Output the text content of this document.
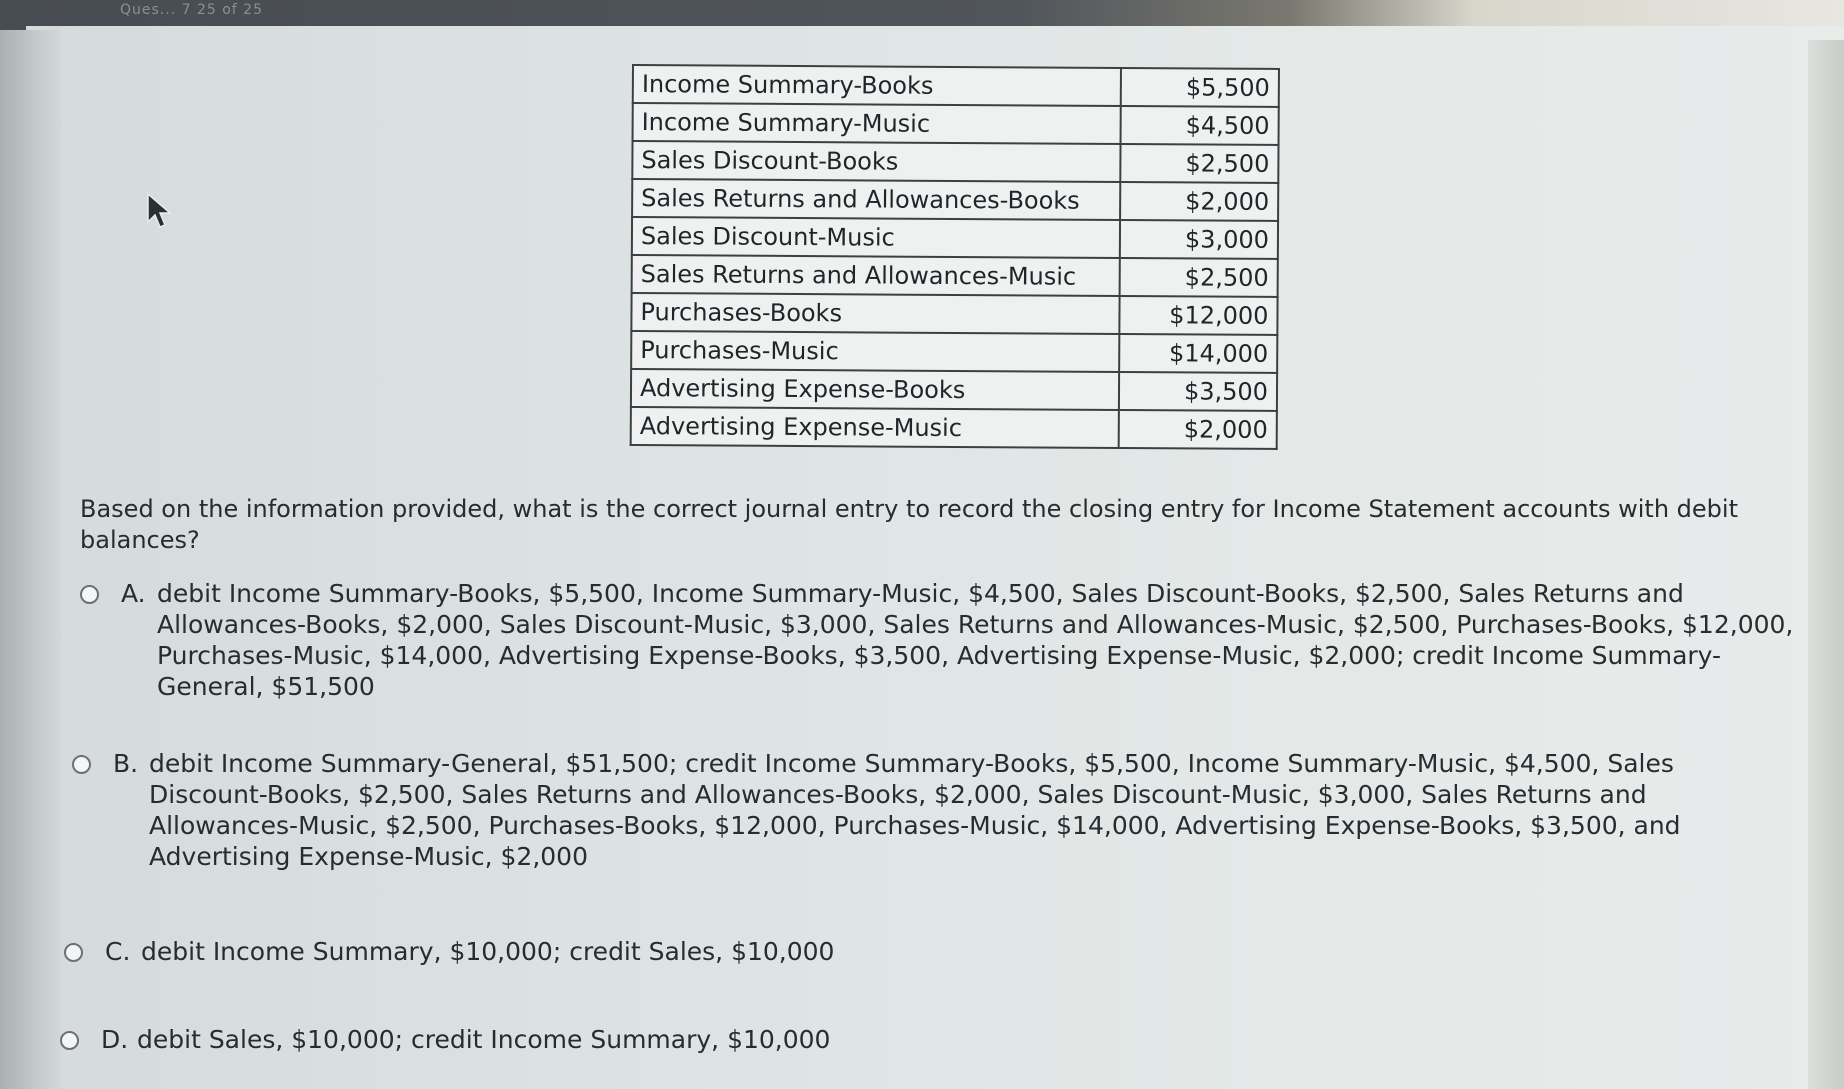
Ques... 7 25 of 25
Income Summary-Books	$5,500
Income Summary-Music	$4,500
Sales Discount-Books	$2,500
Sales Returns and Allowances-Books	$2,000
Sales Discount-Music	$3,000
Sales Returns and Allowances-Music	$2,500
Purchases-Books	$12,000
Purchases-Music	$14,000
Advertising Expense-Books	$3,500
Advertising Expense-Music	$2,000
Based on the information provided, what is the correct journal entry to record the closing entry for Income Statement accounts with debit balances?
A. debit Income Summary-Books, $5,500, Income Summary-Music, $4,500, Sales Discount-Books, $2,500, Sales Returns and Allowances-Books, $2,000, Sales Discount-Music, $3,000, Sales Returns and Allowances-Music, $2,500, Purchases-Books, $12,000, Purchases-Music, $14,000, Advertising Expense-Books, $3,500, Advertising Expense-Music, $2,000; credit Income Summary-General, $51,500
B. debit Income Summary-General, $51,500; credit Income Summary-Books, $5,500, Income Summary-Music, $4,500, Sales Discount-Books, $2,500, Sales Returns and Allowances-Books, $2,000, Sales Discount-Music, $3,000, Sales Returns and Allowances-Music, $2,500, Purchases-Books, $12,000, Purchases-Music, $14,000, Advertising Expense-Books, $3,500, and Advertising Expense-Music, $2,000
C. debit Income Summary, $10,000; credit Sales, $10,000
D. debit Sales, $10,000; credit Income Summary, $10,000
